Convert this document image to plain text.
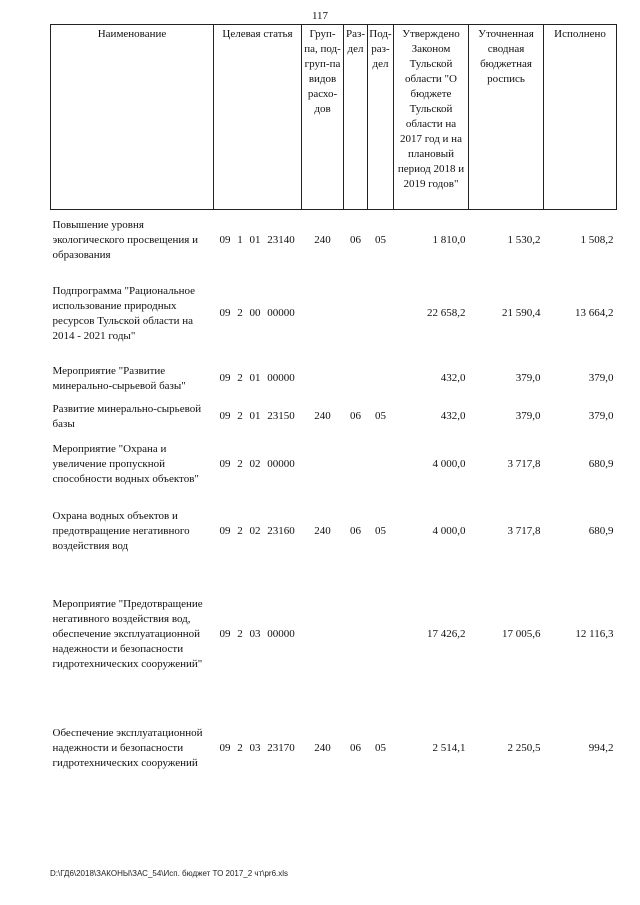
117
Наименование	Целевая статья	Груп-па, под-груп-па видов расхо-дов	Раз-дел	Под-раз-дел	Утверждено Законом Тульской области "О бюджете Тульской области на 2017 год и на плановый период 2018 и 2019 годов"	Уточненная сводная бюджетная роспись	Исполнено
Повышение уровня экологического просвещения и образования	09 1 01 23140	240	06	05	1 810,0	1 530,2	1 508,2
Подпрограмма "Рациональное использование природных ресурсов Тульской области на 2014 - 2021 годы"	09 2 00 00000				22 658,2	21 590,4	13 664,2
Мероприятие "Развитие минерально-сырьевой базы"	09 2 01 00000				432,0	379,0	379,0
Развитие минерально-сырьевой базы	09 2 01 23150	240	06	05	432,0	379,0	379,0
Мероприятие "Охрана и увеличение пропускной способности водных объектов"	09 2 02 00000				4 000,0	3 717,8	680,9
Охрана водных объектов и предотвращение негативного воздействия вод	09 2 02 23160	240	06	05	4 000,0	3 717,8	680,9
Мероприятие "Предотвращение негативного воздействия вод, обеспечение эксплуатационной надежности и безопасности гидротехнических сооружений"	09 2 03 00000				17 426,2	17 005,6	12 116,3
Обеспечение эксплуатационной надежности и безопасности гидротехнических сооружений	09 2 03 23170	240	06	05	2 514,1	2 250,5	994,2
D:\ГД6\2018\ЗАКОНЫ\ЗАС_54\Исп. бюджет ТО 2017_2 чт\pr6.xls
